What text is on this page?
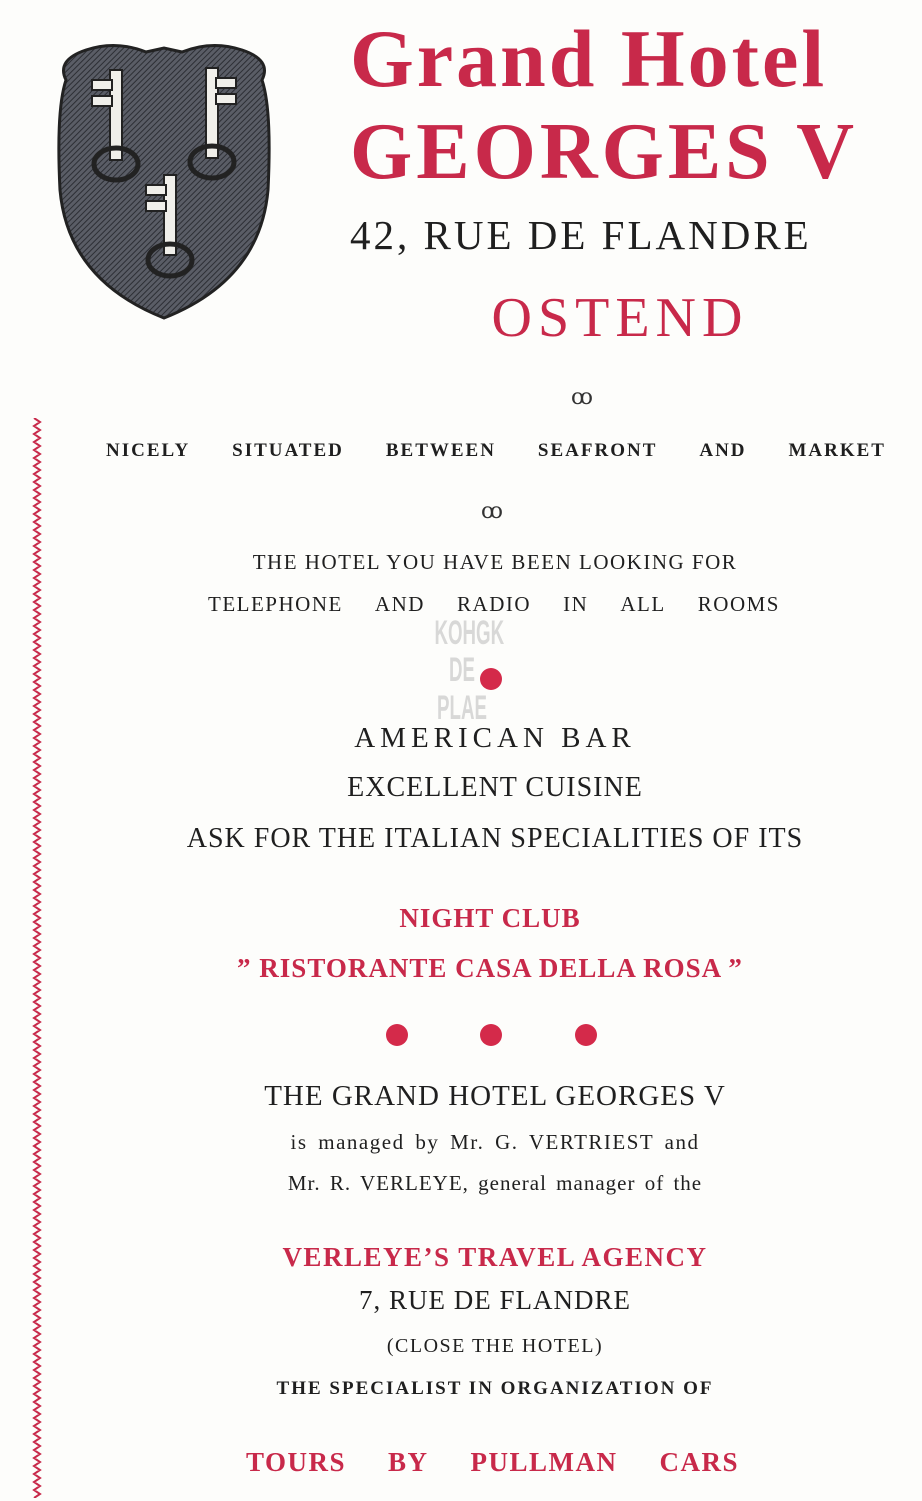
Grand Hotel
GEORGES V
42, RUE DE FLANDRE
OSTEND
ꝏ
NICELY SITUATED BETWEEN SEAFRONT AND MARKET
ꝏ
THE HOTEL YOU HAVE BEEN LOOKING FOR
TELEPHONE AND RADIO IN ALL ROOMS
KOHGK DE PLAE
AMERICAN BAR
EXCELLENT CUISINE
ASK FOR THE ITALIAN SPECIALITIES OF ITS
NIGHT CLUB
” RISTORANTE CASA DELLA ROSA ”
THE GRAND HOTEL GEORGES V
is managed by Mr. G. VERTRIEST and
Mr. R. VERLEYE, general manager of the
VERLEYE’S TRAVEL AGENCY
7, RUE DE FLANDRE
(CLOSE THE HOTEL)
THE SPECIALIST IN ORGANIZATION OF
TOURS BY PULLMAN CARS
